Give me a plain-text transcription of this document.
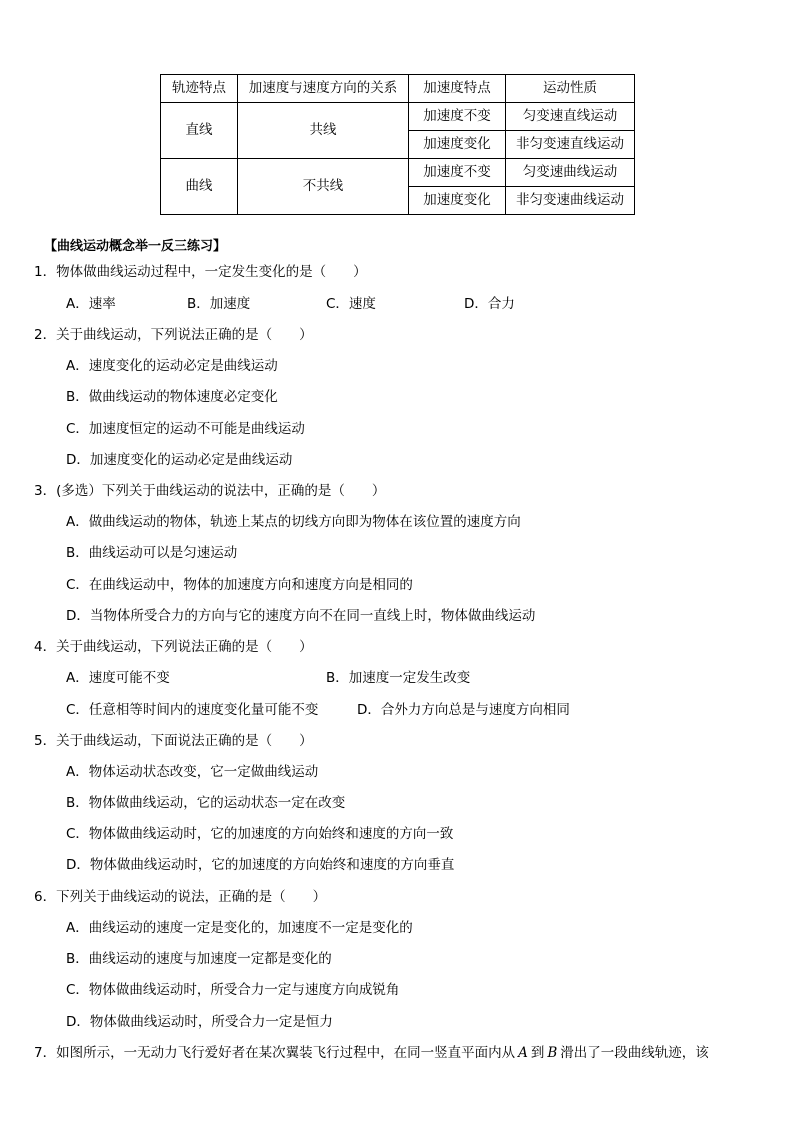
轨迹特点	加速度与速度方向的关系	加速度特点	运动性质
直线	共线	加速度不变	匀变速直线运动
		加速度变化	非匀变速直线运动
曲线	不共线	加速度不变	匀变速曲线运动
		加速度变化	非匀变速曲线运动
【曲线运动概念举一反三练习】
1．物体做曲线运动过程中，一定发生变化的是（　　）
A．速率	B．加速度	C．速度	D．合力
2．关于曲线运动，下列说法正确的是（　　）
A．速度变化的运动必定是曲线运动
B．做曲线运动的物体速度必定变化
C．加速度恒定的运动不可能是曲线运动
D．加速度变化的运动必定是曲线运动
3．(多选）下列关于曲线运动的说法中，正确的是（　　）
A．做曲线运动的物体，轨迹上某点的切线方向即为物体在该位置的速度方向
B．曲线运动可以是匀速运动
C．在曲线运动中，物体的加速度方向和速度方向是相同的
D．当物体所受合力的方向与它的速度方向不在同一直线上时，物体做曲线运动
4．关于曲线运动，下列说法正确的是（　　）
A．速度可能不变	B．加速度一定发生改变
C．任意相等时间内的速度变化量可能不变	D．合外力方向总是与速度方向相同
5．关于曲线运动，下面说法正确的是（　　）
A．物体运动状态改变，它一定做曲线运动
B．物体做曲线运动，它的运动状态一定在改变
C．物体做曲线运动时，它的加速度的方向始终和速度的方向一致
D．物体做曲线运动时，它的加速度的方向始终和速度的方向垂直
6．下列关于曲线运动的说法，正确的是（　　）
A．曲线运动的速度一定是变化的，加速度不一定是变化的
B．曲线运动的速度与加速度一定都是变化的
C．物体做曲线运动时，所受合力一定与速度方向成锐角
D．物体做曲线运动时，所受合力一定是恒力
7．如图所示，一无动力飞行爱好者在某次翼装飞行过程中，在同一竖直平面内从 A 到 B 滑出了一段曲线轨迹，该
